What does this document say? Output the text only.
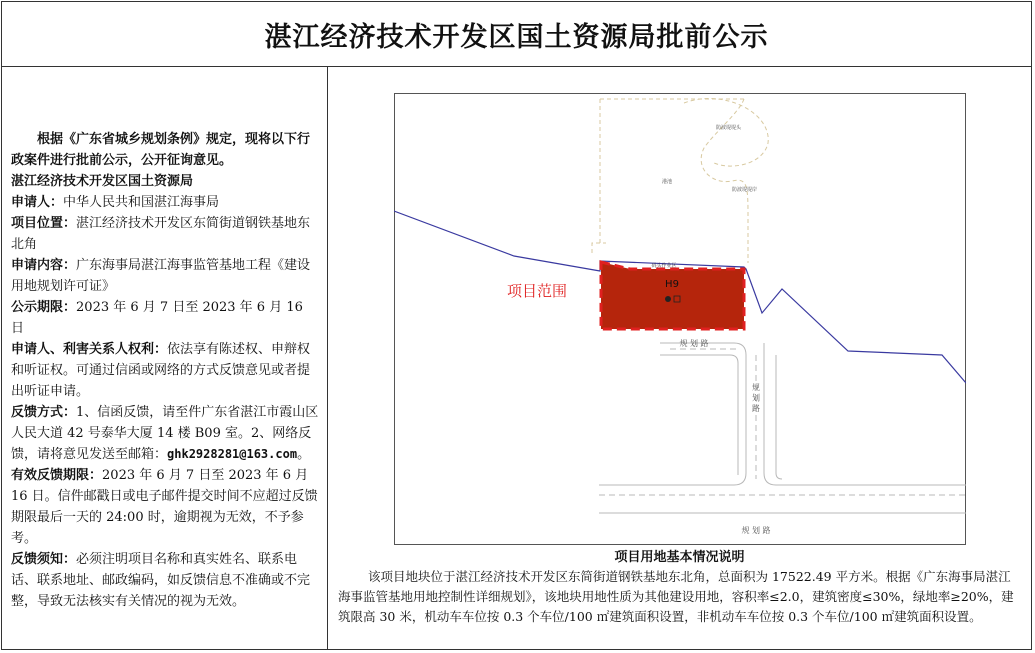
湛江经济技术开发区国土资源局批前公示

根据《广东省城乡规划条例》规定，现将以下行政案件进行批前公示，公开征询意见。

湛江经济技术开发区国土资源局

申请人：中华人民共和国湛江海事局

项目位置：湛江经济技术开发区东简街道钢铁基地东北角

申请内容：广东海事局湛江海事监管基地工程《建设用地规划许可证》

公示期限：2023 年 6 月 7 日至 2023 年 6 月 16 日

申请人、利害关系人权利：依法享有陈述权、申辩权和听证权。可通过信函或网络的方式反馈意见或者提出听证申请。

反馈方式：1、信函反馈，请至件广东省湛江市霞山区人民大道 42 号泰华大厦 14 楼 B09 室。2、网络反馈，请将意见发送至邮箱：ghk2928281@163.com。

有效反馈期限：2023 年 6 月 7 日至 2023 年 6 月 16 日。信件邮戳日或电子邮件提交时间不应超过反馈期限最后一天的 24:00 时，逾期视为无效，不予参考。

反馈须知：必须注明项目名称和真实姓名、联系电话、联系地址、邮政编码，如反馈信息不准确或不完整，导致无法核实有关情况的视为无效。

H9
码头作业区
项目范围
规 划 路
规 划 路
规 划 路
防波堤堤头
港池
防波堤堤岸
项目用地基本情况说明

该项目地块位于湛江经济技术开发区东简街道钢铁基地东北角，总面积为 17522.49 平方米。根据《广东海事局湛江海事监管基地用地控制性详细规划》，该地块用地性质为其他建设用地，容积率≤2.0，建筑密度≤30%，绿地率≥20%，建筑限高 30 米，机动车车位按 0.3 个车位/100 ㎡建筑面积设置，非机动车车位按 0.3 个车位/100 ㎡建筑面积设置。
